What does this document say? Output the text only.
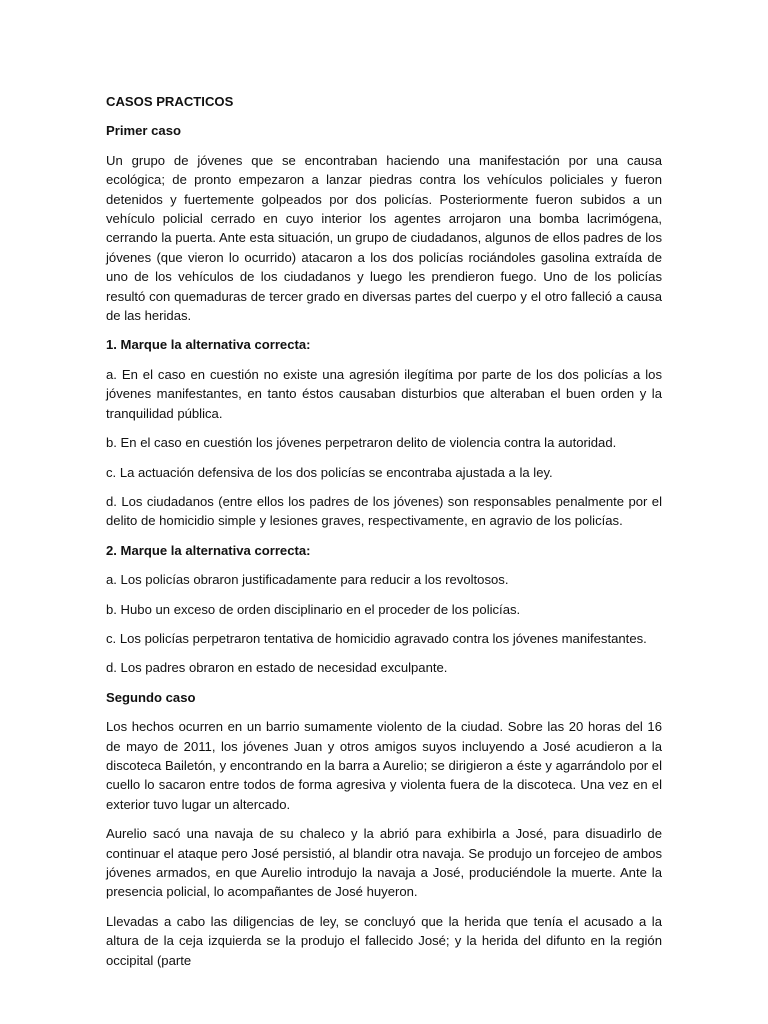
CASOS PRACTICOS
Primer caso
Un grupo de jóvenes que se encontraban haciendo una manifestación por una causa ecológica; de pronto empezaron a lanzar piedras contra los vehículos policiales y fueron detenidos y fuertemente golpeados por dos policías. Posteriormente fueron subidos a un vehículo policial cerrado en cuyo interior los agentes arrojaron una bomba lacrimógena, cerrando la puerta. Ante esta situación, un grupo de ciudadanos, algunos de ellos padres de los jóvenes (que vieron lo ocurrido) atacaron a los dos policías rociándoles gasolina extraída de uno de los vehículos de los ciudadanos y luego les prendieron fuego. Uno de los policías resultó con quemaduras de tercer grado en diversas partes del cuerpo y el otro falleció a causa de las heridas.
1. Marque la alternativa correcta:
a. En el caso en cuestión no existe una agresión ilegítima por parte de los dos policías a los jóvenes manifestantes, en tanto éstos causaban disturbios que alteraban el buen orden y la tranquilidad pública.
b. En el caso en cuestión los jóvenes perpetraron delito de violencia contra la autoridad.
c. La actuación defensiva de los dos policías se encontraba ajustada a la ley.
d. Los ciudadanos (entre ellos los padres de los jóvenes) son responsables penalmente por el delito de homicidio simple y lesiones graves, respectivamente, en agravio de los policías.
2. Marque la alternativa correcta:
a. Los policías obraron justificadamente para reducir a los revoltosos.
b. Hubo un exceso de orden disciplinario en el proceder de los policías.
c. Los policías perpetraron tentativa de homicidio agravado contra los jóvenes manifestantes.
d. Los padres obraron en estado de necesidad exculpante.
Segundo caso
Los hechos ocurren en un barrio sumamente violento de la ciudad. Sobre las 20 horas del 16 de mayo de 2011, los jóvenes Juan y otros amigos suyos incluyendo a José acudieron a la discoteca Bailetón, y encontrando en la barra a Aurelio; se dirigieron a éste y agarrándolo por el cuello lo sacaron entre todos de forma agresiva y violenta fuera de la discoteca. Una vez en el exterior tuvo lugar un altercado.
Aurelio sacó una navaja de su chaleco y la abrió para exhibirla a José, para disuadirlo de continuar el ataque pero José persistió, al blandir otra navaja. Se produjo un forcejeo de ambos jóvenes armados, en que Aurelio introdujo la navaja a José, produciéndole la muerte. Ante la presencia policial, lo acompañantes de José huyeron.
Llevadas a cabo las diligencias de ley, se concluyó que la herida que tenía el acusado a la altura de la ceja izquierda se la produjo el fallecido José; y la herida del difunto en la región occipital (parte
